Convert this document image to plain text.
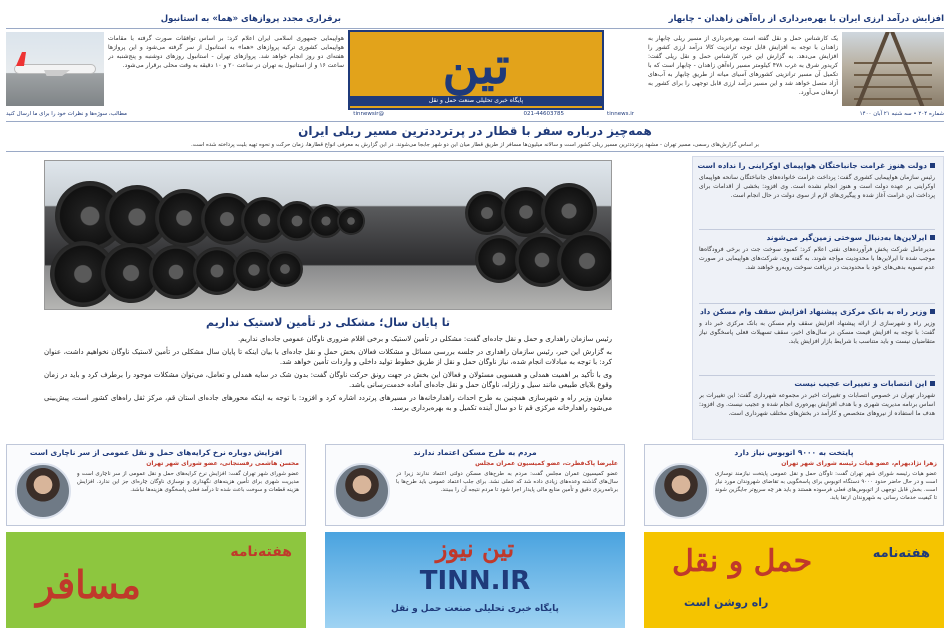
افزایش درآمد ارزی ایران با بهره‌برداری از راه‌آهن زاهدان - چابهار
برقراری مجدد پروازهای «هما» به استانبول
یک کارشناس حمل و نقل گفته است بهره‌برداری از مسیر ریلی چابهار به زاهدان با توجه به افزایش قابل توجه ترانزیت کالا درآمد ارزی کشور را افزایش می‌دهد. به گزارش این خبر، کارشناس حمل و نقل ریلی گفت: کریدور شرق به غرب ۴۷۸ کیلومتر مسیر راه‌آهن زاهدان - چابهار است که با تکمیل آن مسیر ترانزیتی کشورهای آسیای میانه از طریق چابهار به آب‌های آزاد متصل خواهد شد و این مسیر درآمد ارزی قابل توجهی را برای کشور به ارمغان می‌آورد.
هواپیمایی جمهوری اسلامی ایران اعلام کرد: بر اساس توافقات صورت گرفته با مقامات هواپیمایی کشوری ترکیه پروازهای «هما» به استانبول از سر گرفته می‌شود و این پروازها هفته‌ای دو روز انجام خواهد شد. پروازهای تهران - استانبول روزهای دوشنبه و پنج‌شنبه در ساعت ۱۶ و از استانبول به تهران در ساعت ۲۰ و ۱۰ دقیقه به وقت محلی برقرار می‌شود.	تین
پایگاه خبری تحلیلی صنعت حمل و نقل
شماره ۲۰۴ • سه شنبه ۲۱ آبان ۱۴۰۰
tinnews.ir
021-44603785
@tinnewsir
مطالب، سوژه‌ها و نظرات خود را برای ما ارسال کنید
همه‌چیز درباره سفر با قطار در پرترددترین مسیر ریلی ایران
بر اساس گزارش‌های رسمی، مسیر تهران - مشهد پرترددترین مسیر ریلی کشور است و سالانه میلیون‌ها مسافر از طریق قطار میان این دو شهر جابجا می‌شوند. در این گزارش به معرفی انواع قطارها، زمان حرکت و نحوه تهیه بلیت پرداخته شده است.
دولت هنوز غرامت جانباختگان هواپیمای اوکراینی را نداده است
رئیس سازمان هواپیمایی کشوری گفت: پرداخت غرامت خانواده‌های جانباختگان سانحه هواپیمای اوکراینی بر عهده دولت است و هنوز انجام نشده است. وی افزود: بخشی از اقدامات برای پرداخت این غرامت آغاز شده و پیگیری‌های لازم از سوی دولت در حال انجام است.
ایرلاین‌ها به‌دنبال سوختی زمین‌گیر می‌شوند
مدیرعامل شرکت پخش فرآورده‌های نفتی اعلام کرد: کمبود سوخت جت در برخی فرودگاه‌ها موجب شده تا ایرلاین‌ها با محدودیت مواجه شوند. به گفته وی، شرکت‌های هواپیمایی در صورت عدم تسویه بدهی‌های خود با محدودیت در دریافت سوخت روبه‌رو خواهند شد.
وزیر راه به بانک مرکزی پیشنهاد افزایش سقف وام مسکن داد
وزیر راه و شهرسازی از ارائه پیشنهاد افزایش سقف وام مسکن به بانک مرکزی خبر داد و گفت: با توجه به افزایش قیمت مسکن در سال‌های اخیر، سقف تسهیلات فعلی پاسخگوی نیاز متقاضیان نیست و باید متناسب با شرایط بازار افزایش یابد.
این انتصابات و تغییرات عجیب نیست
شهردار تهران در خصوص انتصابات و تغییرات اخیر در مجموعه شهرداری گفت: این تغییرات بر اساس برنامه مدیریت شهری و با هدف افزایش بهره‌وری انجام شده و عجیب نیست. وی افزود: هدف ما استفاده از نیروهای متخصص و کارآمد در بخش‌های مختلف شهرداری است.
تا پایان سال؛ مشکلی در تأمین لاستیک نداریم

رئیس سازمان راهداری و حمل و نقل جاده‌ای گفت: مشکلی در تأمین لاستیک و برخی اقلام ضروری ناوگان عمومی جاده‌ای نداریم.

به گزارش این خبر، رئیس سازمان راهداری در جلسه بررسی مسائل و مشکلات فعالان بخش حمل و نقل جاده‌ای با بیان اینکه تا پایان سال مشکلی در تأمین لاستیک ناوگان نخواهیم داشت، عنوان کرد: با توجه به مبادلات انجام شده، نیاز ناوگان حمل و نقل از طریق خطوط تولید داخلی و واردات تأمین خواهد شد.

وی با تأکید بر اهمیت همدلی و همسویی مسئولان و فعالان این بخش در جهت رونق حرکت ناوگان گفت: بدون شک در سایه همدلی و تعامل، می‌توان مشکلات موجود را برطرف کرد و باید در زمان وقوع بلایای طبیعی مانند سیل و زلزله، ناوگان حمل و نقل جاده‌ای آماده خدمت‌رسانی باشد.

معاون وزیر راه و شهرسازی همچنین به طرح احداث راهدارخانه‌ها در مسیرهای پرتردد اشاره کرد و افزود: با توجه به اینکه محورهای جاده‌ای استان قم، مرکز ثقل راه‌های کشور است، پیش‌بینی می‌شود راهدارخانه مرکزی قم تا دو سال آینده تکمیل و به بهره‌برداری برسد.

پایتخت به ۹۰۰۰ اتوبوس نیاز دارد
زهرا نژادبهرام، عضو هیات رئیسه شورای شهر تهران
عضو هیات رئیسه شورای شهر تهران گفت: ناوگان حمل و نقل عمومی پایتخت نیازمند نوسازی است و در حال حاضر حدود ۹۰۰۰ دستگاه اتوبوس برای پاسخگویی به تقاضای شهروندان مورد نیاز است. بخش قابل توجهی از اتوبوس‌های فعلی فرسوده هستند و باید هر چه سریع‌تر جایگزین شوند تا کیفیت خدمات رسانی به شهروندان ارتقا یابد.
مردم به طرح مسکن اعتماد ندارند
علیرضا پاک‌فطرت، عضو کمیسیون عمران مجلس
عضو کمیسیون عمران مجلس گفت: مردم به طرح‌های مسکن دولتی اعتماد ندارند زیرا در سال‌های گذشته وعده‌های زیادی داده شد که عملی نشد. برای جلب اعتماد عمومی باید طرح‌ها با برنامه‌ریزی دقیق و تأمین منابع مالی پایدار اجرا شود تا مردم نتیجه آن را ببینند.
افزایش دوباره نرخ کرایه‌های حمل و نقل عمومی از سر ناچاری است
محسن هاشمی رفسنجانی، عضو شورای شهر تهران
عضو شورای شهر تهران گفت: افزایش نرخ کرایه‌های حمل و نقل عمومی از سر ناچاری است و مدیریت شهری برای تأمین هزینه‌های نگهداری و نوسازی ناوگان چاره‌ای جز این ندارد. افزایش هزینه قطعات و سوخت باعث شده تا درآمد فعلی پاسخگوی هزینه‌ها نباشد.
هفته‌نامه
حمل و نقل
راه روشن است
تین نیوز
TINN.IR
پایگاه خبری تحلیلی صنعت حمل و نقل
هفته‌نامه
مسافر
